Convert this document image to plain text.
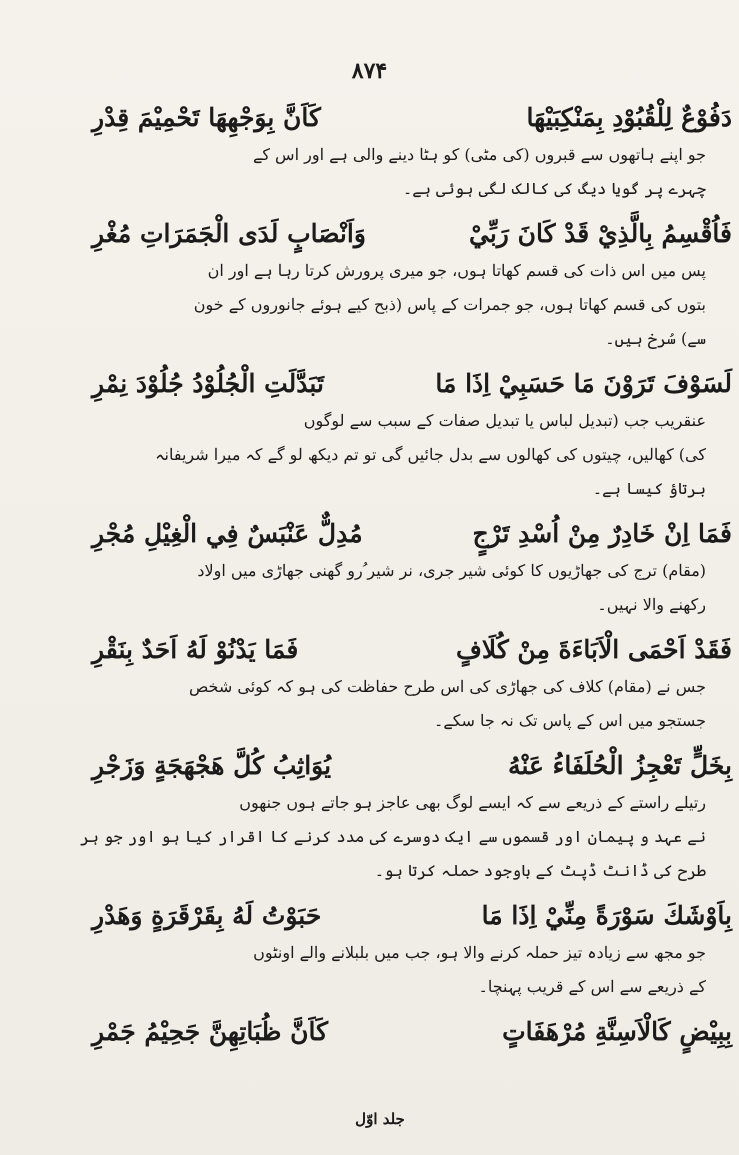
۸۷۴
دَفُوْعٌ لِلْقُبُوْدِ بِمَنْكِبَيْهَا
كَاَنَّ بِوَجْهِهَا تَحْمِيْمَ قِدْرِ
جو اپنے ہاتھوں سے قبروں (کی مٹی) کو ہٹا دینے والی ہے اور اس کے
چہرے پر گویا دیگ کی کالک لگی ہوئی ہے۔
فَاُقْسِمُ بِالَّذِيْ قَدْ كَانَ رَبِّيْ
وَاَنْصَابٍ لَدَى الْجَمَرَاتِ مُغْرِ
پس میں اس ذات کی قسم کھاتا ہوں، جو میری پرورش کرتا رہا ہے اور ان
بتوں کی قسم کھاتا ہوں، جو جمرات کے پاس (ذبح کیے ہوئے جانوروں کے خون
سے) سُرخ ہیں۔
لَسَوْفَ تَرَوْنَ مَا حَسَبِيْ اِذَا مَا
تَبَدَّلَتِ الْجُلُوْدُ جُلُوْدَ نِمْرِ
عنقریب جب (تبدیل لباس یا تبدیل صفات کے سبب سے لوگوں
کی) کھالیں، چیتوں کی کھالوں سے بدل جائیں گی تو تم دیکھ لو گے کہ میرا شریفانہ
برتاؤ کیسا ہے۔
فَمَا اِنْ خَادِرٌ مِنْ اُسْدِ تَرْجٍ
مُدِلٌّ عَنْبَسٌ فِي الْغِيْلِ مُجْرِ
(مقام) ترج کی جھاڑیوں کا کوئی شیر جری، نر شیر ُرو گھنی جھاڑی میں اولاد
رکھنے والا نہیں۔
فَقَدْ اَحْمَى الْاَبَاءَةَ مِنْ كُلَافٍ
فَمَا يَدْنُوْ لَهُ اَحَدٌ بِنَقْرِ
جس نے (مقام) کلاف کی جھاڑی کی اس طرح حفاظت کی ہو کہ کوئی شخص
جستجو میں اس کے پاس تک نہ جا سکے۔
بِخَلٍّ تَعْجِزُ الْحُلَفَاءُ عَنْهُ
يُوَاثِبُ كُلَّ هَجْهَجَةٍ وَزَجْرِ
رتیلے راستے کے ذریعے سے کہ ایسے لوگ بھی عاجز ہو جاتے ہوں جنھوں
نے عہد و پیمان اور قسموں سے ایک دوسرے کی مدد کرنے کا اقرار کیا ہو اور جو ہر
طرح کی ڈانٹ ڈپٹ کے باوجود حملہ کرتا ہو۔
بِاَوْشَكَ سَوْرَةً مِنِّيْ اِذَا مَا
حَبَوْتُ لَهُ بِقَرْقَرَةٍ وَهَدْرِ
جو مجھ سے زیادہ تیز حملہ کرنے والا ہو، جب میں بلبلانے والے اونٹوں
کے ذریعے سے اس کے قریب پہنچا۔
بِبِيْضٍ كَالْاَسِنَّةِ مُرْهَفَاتٍ
كَاَنَّ ظُبَاتِهِنَّ جَحِيْمُ جَمْرِ
جلد اوّل
